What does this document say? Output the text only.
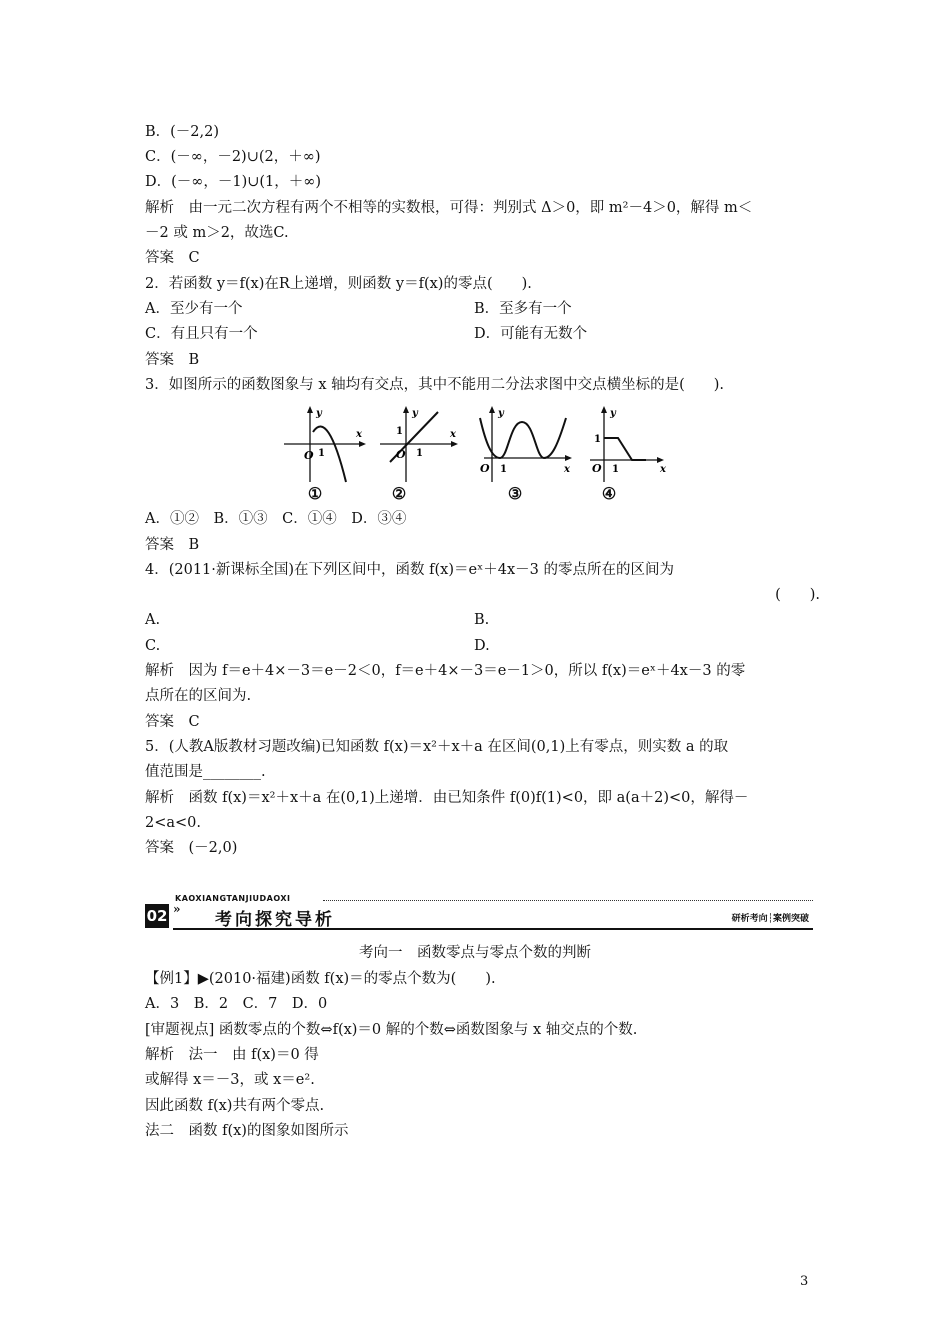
B．(－2,2)
C．(－∞，－2)∪(2，＋∞)
D．(－∞，－1)∪(1，＋∞)
解析　由一元二次方程有两个不相等的实数根，可得：判别式 Δ＞0，即 m²－4＞0，解得 m＜
－2 或 m＞2，故选C.
答案　C
2．若函数 y＝f(x)在R上递增，则函数 y＝f(x)的零点(　　).
A．至少有一个	B．至多有一个
C．有且只有一个	D．可能有无数个
答案　B
3．如图所示的函数图象与 x 轴均有交点，其中不能用二分法求图中交点横坐标的是(　　).
O 1
y
x
O 1
1
y
x
O 1
y
x O 1
1
y
x
①	②	③	④
A．①②　B．①③　C．①④　D．③④
答案　B
4．(2011·新课标全国)在下列区间中，函数 f(x)＝eˣ＋4x－3 的零点所在的区间为
(　　).
A.	B.
C.	D.
解析　因为 f＝e＋4×－3＝e－2＜0，f＝e＋4×－3＝e－1＞0，所以 f(x)＝eˣ＋4x－3 的零
点所在的区间为.
答案　C
5．(人教A版教材习题改编)已知函数 f(x)＝x²＋x＋a 在区间(0,1)上有零点，则实数 a 的取
值范围是________.
解析　函数 f(x)＝x²＋x＋a 在(0,1)上递增．由已知条件 f(0)f(1)<0，即 a(a＋2)<0，解得－
2<a<0.
答案　(－2,0)
KAOXIANGTANJIUDAOXI
02 »
考向探究导析	研析考向┆案例突破
考向一　函数零点与零点个数的判断
【例1】▶(2010·福建)函数 f(x)＝的零点个数为(　　).
A．3　B．2　C．7　D．0
[审题视点] 函数零点的个数⇔f(x)＝0 解的个数⇔函数图象与 x 轴交点的个数.
解析　法一　由 f(x)＝0 得
或解得 x＝－3，或 x＝e².
因此函数 f(x)共有两个零点.
法二　函数 f(x)的图象如图所示
3
